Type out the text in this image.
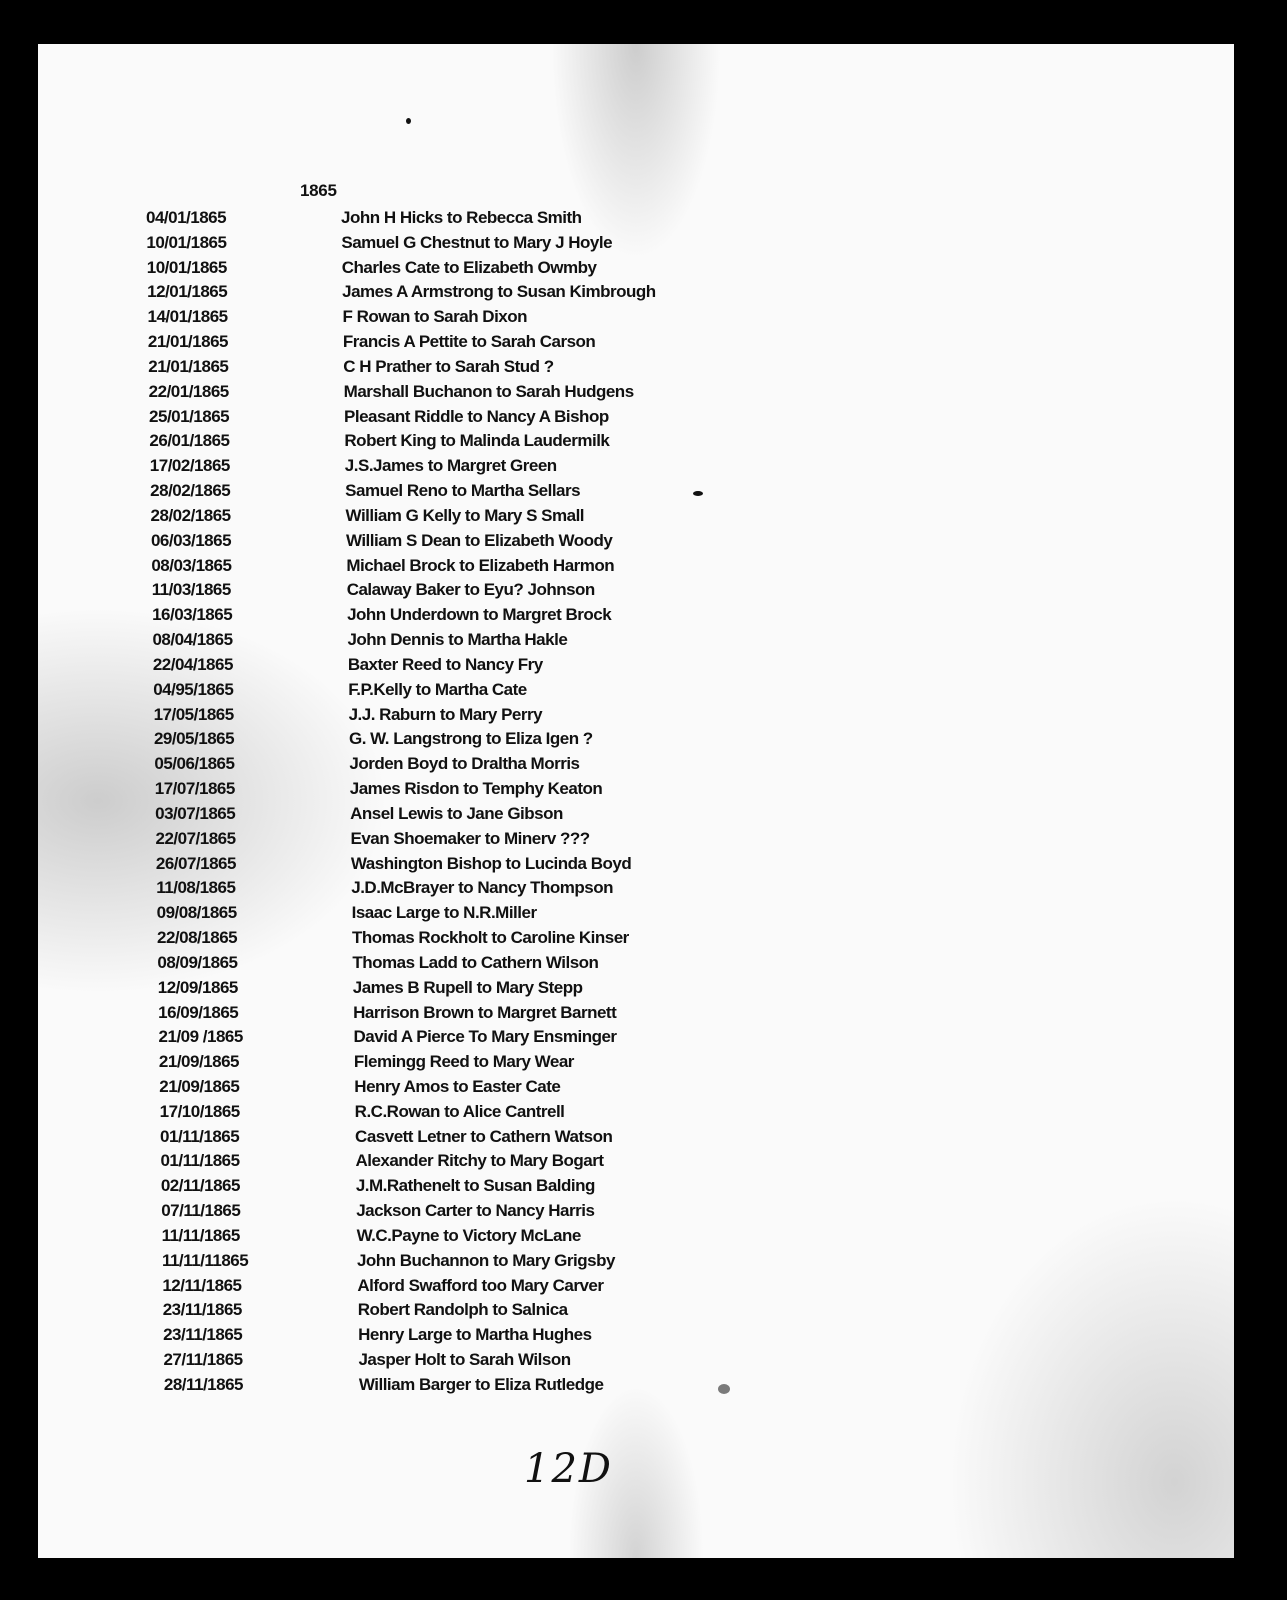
1865
04/01/1865	John H Hicks to Rebecca Smith
10/01/1865	Samuel G Chestnut to Mary J Hoyle
10/01/1865	Charles Cate to Elizabeth Owmby
12/01/1865	James A Armstrong to Susan Kimbrough
14/01/1865	F Rowan to Sarah Dixon
21/01/1865	Francis A Pettite to Sarah Carson
21/01/1865	C H Prather to Sarah Stud ?
22/01/1865	Marshall Buchanon to Sarah Hudgens
25/01/1865	Pleasant Riddle to Nancy A Bishop
26/01/1865	Robert King to Malinda Laudermilk
17/02/1865	J.S.James to Margret Green
28/02/1865	Samuel Reno to Martha Sellars
28/02/1865	William G Kelly to Mary S Small
06/03/1865	William S Dean to Elizabeth Woody
08/03/1865	Michael Brock to Elizabeth Harmon
11/03/1865	Calaway Baker to Eyu? Johnson
16/03/1865	John Underdown to Margret Brock
08/04/1865	John Dennis to Martha Hakle
22/04/1865	Baxter Reed to Nancy Fry
04/95/1865	F.P.Kelly to Martha Cate
17/05/1865	J.J. Raburn to Mary Perry
29/05/1865	G. W. Langstrong to Eliza Igen ?
05/06/1865	Jorden Boyd to Draltha Morris
17/07/1865	James Risdon to Temphy Keaton
03/07/1865	Ansel Lewis to Jane Gibson
22/07/1865	Evan Shoemaker to Minerv ???
26/07/1865	Washington Bishop to Lucinda Boyd
11/08/1865	J.D.McBrayer to Nancy Thompson
09/08/1865	Isaac Large to N.R.Miller
22/08/1865	Thomas Rockholt to Caroline Kinser
08/09/1865	Thomas Ladd to Cathern Wilson
12/09/1865	James B Rupell to Mary Stepp
16/09/1865	Harrison Brown to Margret Barnett
21/09 /1865	David A Pierce To Mary Ensminger
21/09/1865	Flemingg Reed to Mary Wear
21/09/1865	Henry Amos to Easter Cate
17/10/1865	R.C.Rowan to Alice Cantrell
01/11/1865	Casvett Letner to Cathern Watson
01/11/1865	Alexander Ritchy to Mary Bogart
02/11/1865	J.M.Rathenelt to Susan Balding
07/11/1865	Jackson Carter to Nancy Harris
11/11/1865	W.C.Payne to Victory McLane
11/11/11865	John Buchannon to Mary Grigsby
12/11/1865	Alford Swafford too Mary Carver
23/11/1865	Robert Randolph to Salnica
23/11/1865	Henry Large to Martha Hughes
27/11/1865	Jasper Holt to Sarah Wilson
28/11/1865	William Barger to Eliza Rutledge
12D
